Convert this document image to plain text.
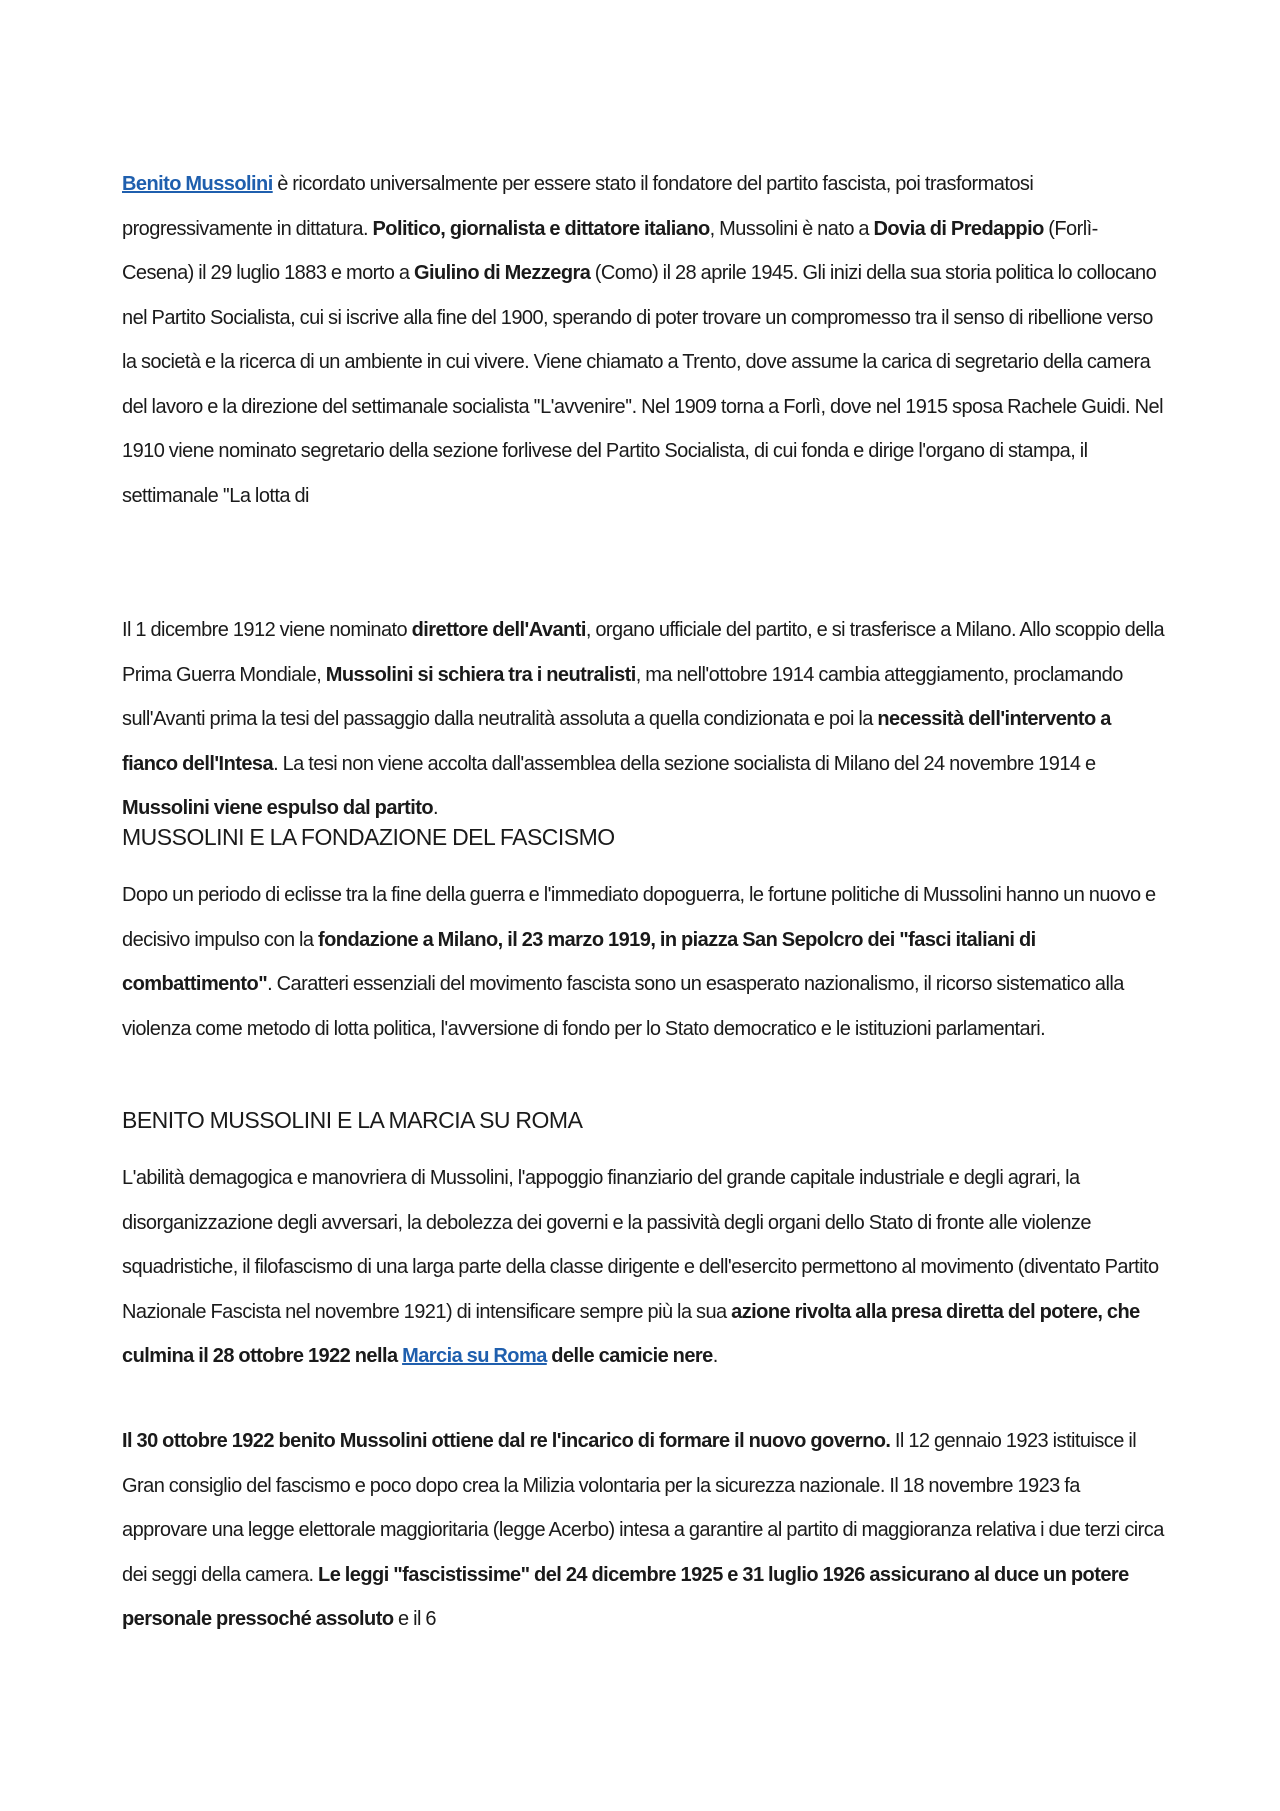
Benito Mussolini è ricordato universalmente per essere stato il fondatore del partito fascista, poi trasformatosi progressivamente in dittatura. Politico, giornalista e dittatore italiano, Mussolini è nato a Dovia di Predappio (Forlì-Cesena) il 29 luglio 1883 e morto a Giulino di Mezzegra (Como) il 28 aprile 1945. Gli inizi della sua storia politica lo collocano nel Partito Socialista, cui si iscrive alla fine del 1900, sperando di poter trovare un compromesso tra il senso di ribellione verso la società e la ricerca di un ambiente in cui vivere. Viene chiamato a Trento, dove assume la carica di segretario della camera del lavoro e la direzione del settimanale socialista ''L'avvenire''. Nel 1909 torna a Forlì, dove nel 1915 sposa Rachele Guidi. Nel 1910 viene nominato segretario della sezione forlivese del Partito Socialista, di cui fonda e dirige l'organo di stampa, il settimanale ''La lotta di

Il 1 dicembre 1912 viene nominato direttore dell'Avanti, organo ufficiale del partito, e si trasferisce a Milano. Allo scoppio della Prima Guerra Mondiale, Mussolini si schiera tra i neutralisti, ma nell'ottobre 1914 cambia atteggiamento, proclamando sull'Avanti prima la tesi del passaggio dalla neutralità assoluta a quella condizionata e poi la necessità dell'intervento a fianco dell'Intesa. La tesi non viene accolta dall'assemblea della sezione socialista di Milano del 24 novembre 1914 e Mussolini viene espulso dal partito.

MUSSOLINI E LA FONDAZIONE DEL FASCISMO

Dopo un periodo di eclisse tra la fine della guerra e l'immediato dopoguerra, le fortune politiche di Mussolini hanno un nuovo e decisivo impulso con la fondazione a Milano, il 23 marzo 1919, in piazza San Sepolcro dei "fasci italiani di combattimento". Caratteri essenziali del movimento fascista sono un esasperato nazionalismo, il ricorso sistematico alla violenza come metodo di lotta politica, l'avversione di fondo per lo Stato democratico e le istituzioni parlamentari.

BENITO MUSSOLINI E LA MARCIA SU ROMA

L'abilità demagogica e manovriera di Mussolini, l'appoggio finanziario del grande capitale industriale e degli agrari, la disorganizzazione degli avversari, la debolezza dei governi e la passività degli organi dello Stato di fronte alle violenze squadristiche, il filofascismo di una larga parte della classe dirigente e dell'esercito permettono al movimento (diventato Partito Nazionale Fascista nel novembre 1921) di intensificare sempre più la sua azione rivolta alla presa diretta del potere, che culmina il 28 ottobre 1922 nella Marcia su Roma delle camicie nere.

Il 30 ottobre 1922 benito Mussolini ottiene dal re l'incarico di formare il nuovo governo. Il 12 gennaio 1923 istituisce il Gran consiglio del fascismo e poco dopo crea la Milizia volontaria per la sicurezza nazionale. Il 18 novembre 1923 fa approvare una legge elettorale maggioritaria (legge Acerbo) intesa a garantire al partito di maggioranza relativa i due terzi circa dei seggi della camera. Le leggi "fascistissime" del 24 dicembre 1925 e 31 luglio 1926 assicurano al duce un potere personale pressoché assoluto e il 6
